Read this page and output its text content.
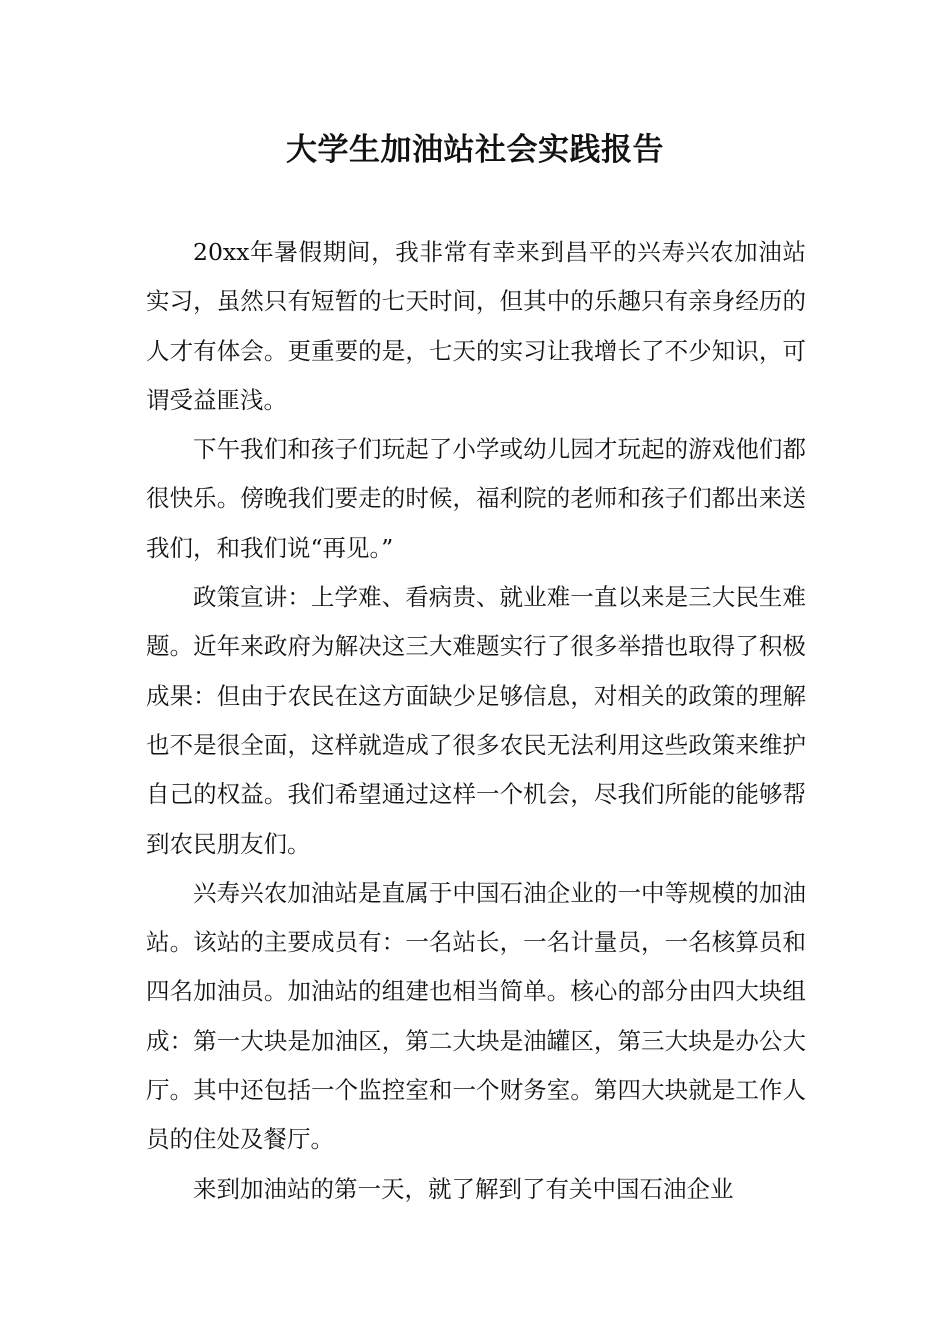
大学生加油站社会实践报告

20xx年暑假期间，我非常有幸来到昌平的兴寿兴农加油站实习，虽然只有短暂的七天时间，但其中的乐趣只有亲身经历的人才有体会。更重要的是，七天的实习让我增长了不少知识，可谓受益匪浅。

下午我们和孩子们玩起了小学或幼儿园才玩起的游戏他们都很快乐。傍晚我们要走的时候，福利院的老师和孩子们都出来送我们，和我们说“再见。”

政策宣讲：上学难、看病贵、就业难一直以来是三大民生难题。近年来政府为解决这三大难题实行了很多举措也取得了积极成果：但由于农民在这方面缺少足够信息，对相关的政策的理解也不是很全面，这样就造成了很多农民无法利用这些政策来维护自己的权益。我们希望通过这样一个机会，尽我们所能的能够帮到农民朋友们。

兴寿兴农加油站是直属于中国石油企业的一中等规模的加油站。该站的主要成员有：一名站长，一名计量员，一名核算员和四名加油员。加油站的组建也相当简单。核心的部分由四大块组成：第一大块是加油区，第二大块是油罐区，第三大块是办公大厅。其中还包括一个监控室和一个财务室。第四大块就是工作人员的住处及餐厅。

来到加油站的第一天，就了解到了有关中国石油企业
